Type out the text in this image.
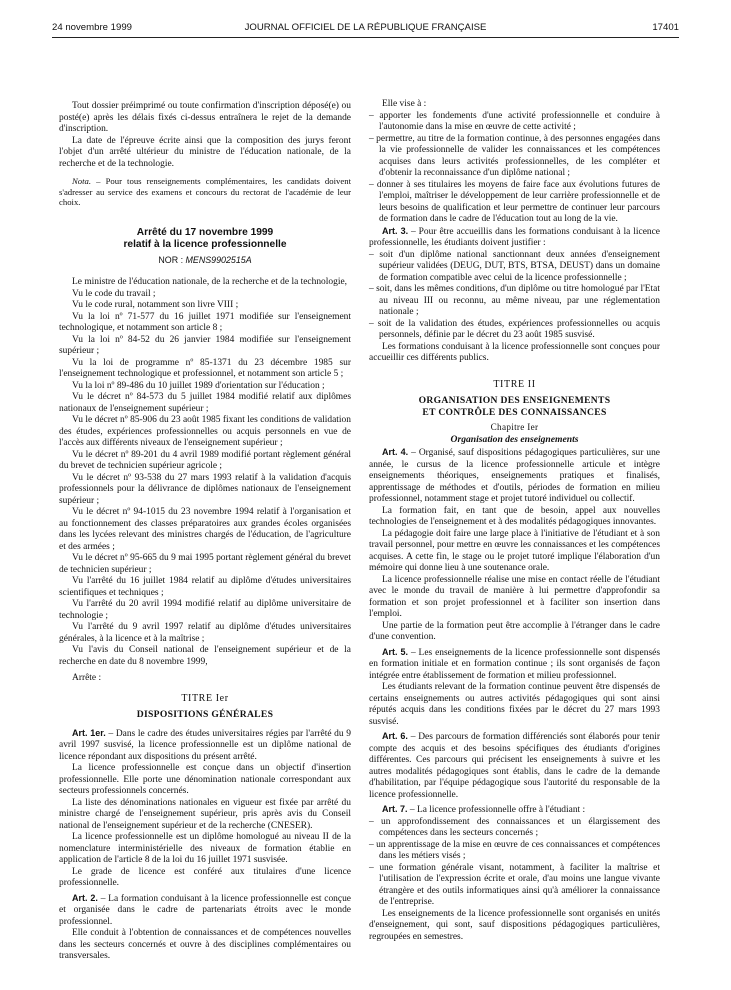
24 novembre 1999	JOURNAL OFFICIEL DE LA RÉPUBLIQUE FRANÇAISE	17401

Tout dossier préimprimé ou toute confirmation d'inscription déposé(e) ou posté(e) après les délais fixés ci-dessus entraînera le rejet de la demande d'inscription.

La date de l'épreuve écrite ainsi que la composition des jurys feront l'objet d'un arrêté ultérieur du ministre de l'éducation nationale, de la recherche et de la technologie.

Nota. – Pour tous renseignements complémentaires, les candidats doivent s'adresser au service des examens et concours du rectorat de l'académie de leur choix.

Arrêté du 17 novembre 1999
relatif à la licence professionnelle
NOR : MENS9902515A

Le ministre de l'éducation nationale, de la recherche et de la technologie,

Vu le code du travail ;

Vu le code rural, notamment son livre VIII ;

Vu la loi nº 71-577 du 16 juillet 1971 modifiée sur l'enseignement technologique, et notamment son article 8 ;

Vu la loi nº 84-52 du 26 janvier 1984 modifiée sur l'enseignement supérieur ;

Vu la loi de programme nº 85-1371 du 23 décembre 1985 sur l'enseignement technologique et professionnel, et notamment son article 5 ;

Vu la loi nº 89-486 du 10 juillet 1989 d'orientation sur l'éducation ;

Vu le décret nº 84-573 du 5 juillet 1984 modifié relatif aux diplômes nationaux de l'enseignement supérieur ;

Vu le décret nº 85-906 du 23 août 1985 fixant les conditions de validation des études, expériences professionnelles ou acquis personnels en vue de l'accès aux différents niveaux de l'enseignement supérieur ;

Vu le décret nº 89-201 du 4 avril 1989 modifié portant règlement général du brevet de technicien supérieur agricole ;

Vu le décret nº 93-538 du 27 mars 1993 relatif à la validation d'acquis professionnels pour la délivrance de diplômes nationaux de l'enseignement supérieur ;

Vu le décret nº 94-1015 du 23 novembre 1994 relatif à l'organisation et au fonctionnement des classes préparatoires aux grandes écoles organisées dans les lycées relevant des ministres chargés de l'éducation, de l'agriculture et des armées ;

Vu le décret nº 95-665 du 9 mai 1995 portant règlement général du brevet de technicien supérieur ;

Vu l'arrêté du 16 juillet 1984 relatif au diplôme d'études universitaires scientifiques et techniques ;

Vu l'arrêté du 20 avril 1994 modifié relatif au diplôme universitaire de technologie ;

Vu l'arrêté du 9 avril 1997 relatif au diplôme d'études universitaires générales, à la licence et à la maîtrise ;

Vu l'avis du Conseil national de l'enseignement supérieur et de la recherche en date du 8 novembre 1999,

Arrête :

TITRE Ier
DISPOSITIONS GÉNÉRALES

Art. 1er. – Dans le cadre des études universitaires régies par l'arrêté du 9 avril 1997 susvisé, la licence professionnelle est un diplôme national de licence répondant aux dispositions du présent arrêté.

La licence professionnelle est conçue dans un objectif d'insertion professionnelle. Elle porte une dénomination nationale correspondant aux secteurs professionnels concernés.

La liste des dénominations nationales en vigueur est fixée par arrêté du ministre chargé de l'enseignement supérieur, pris après avis du Conseil national de l'enseignement supérieur et de la recherche (CNESER).

La licence professionnelle est un diplôme homologué au niveau II de la nomenclature interministérielle des niveaux de formation établie en application de l'article 8 de la loi du 16 juillet 1971 susvisée.

Le grade de licence est conféré aux titulaires d'une licence professionnelle.

Art. 2. – La formation conduisant à la licence professionnelle est conçue et organisée dans le cadre de partenariats étroits avec le monde professionnel.

Elle conduit à l'obtention de connaissances et de compétences nouvelles dans les secteurs concernés et ouvre à des disciplines complémentaires ou transversales.

Elle vise à :

– apporter les fondements d'une activité professionnelle et conduire à l'autonomie dans la mise en œuvre de cette activité ;
– permettre, au titre de la formation continue, à des personnes engagées dans la vie professionnelle de valider les connaissances et les compétences acquises dans leurs activités professionnelles, de les compléter et d'obtenir la reconnaissance d'un diplôme national ;
– donner à ses titulaires les moyens de faire face aux évolutions futures de l'emploi, maîtriser le développement de leur carrière professionnelle et de leurs besoins de qualification et leur permettre de continuer leur parcours de formation dans le cadre de l'éducation tout au long de la vie.

Art. 3. – Pour être accueillis dans les formations conduisant à la licence professionnelle, les étudiants doivent justifier :

– soit d'un diplôme national sanctionnant deux années d'enseignement supérieur validées (DEUG, DUT, BTS, BTSA, DEUST) dans un domaine de formation compatible avec celui de la licence professionnelle ;
– soit, dans les mêmes conditions, d'un diplôme ou titre homologué par l'Etat au niveau III ou reconnu, au même niveau, par une réglementation nationale ;
– soit de la validation des études, expériences professionnelles ou acquis personnels, définie par le décret du 23 août 1985 susvisé.

Les formations conduisant à la licence professionnelle sont conçues pour accueillir ces différents publics.

TITRE II
ORGANISATION DES ENSEIGNEMENTS
ET CONTRÔLE DES CONNAISSANCES
Chapitre Ier
Organisation des enseignements

Art. 4. – Organisé, sauf dispositions pédagogiques particulières, sur une année, le cursus de la licence professionnelle articule et intègre enseignements théoriques, enseignements pratiques et finalisés, apprentissage de méthodes et d'outils, périodes de formation en milieu professionnel, notamment stage et projet tutoré individuel ou collectif.

La formation fait, en tant que de besoin, appel aux nouvelles technologies de l'enseignement et à des modalités pédagogiques innovantes.

La pédagogie doit faire une large place à l'initiative de l'étudiant et à son travail personnel, pour mettre en œuvre les connaissances et les compétences acquises. A cette fin, le stage ou le projet tutoré implique l'élaboration d'un mémoire qui donne lieu à une soutenance orale.

La licence professionnelle réalise une mise en contact réelle de l'étudiant avec le monde du travail de manière à lui permettre d'approfondir sa formation et son projet professionnel et à faciliter son insertion dans l'emploi.

Une partie de la formation peut être accomplie à l'étranger dans le cadre d'une convention.

Art. 5. – Les enseignements de la licence professionnelle sont dispensés en formation initiale et en formation continue ; ils sont organisés de façon intégrée entre établissement de formation et milieu professionnel.

Les étudiants relevant de la formation continue peuvent être dispensés de certains enseignements ou autres activités pédagogiques qui sont ainsi réputés acquis dans les conditions fixées par le décret du 27 mars 1993 susvisé.

Art. 6. – Des parcours de formation différenciés sont élaborés pour tenir compte des acquis et des besoins spécifiques des étudiants d'origines différentes. Ces parcours qui précisent les enseignements à suivre et les autres modalités pédagogiques sont établis, dans le cadre de la demande d'habilitation, par l'équipe pédagogique sous l'autorité du responsable de la licence professionnelle.

Art. 7. – La licence professionnelle offre à l'étudiant :

– un approfondissement des connaissances et un élargissement des compétences dans les secteurs concernés ;
– un apprentissage de la mise en œuvre de ces connaissances et compétences dans les métiers visés ;
– une formation générale visant, notamment, à faciliter la maîtrise et l'utilisation de l'expression écrite et orale, d'au moins une langue vivante étrangère et des outils informatiques ainsi qu'à améliorer la connaissance de l'entreprise.

Les enseignements de la licence professionnelle sont organisés en unités d'enseignement, qui sont, sauf dispositions pédagogiques particulières, regroupées en semestres.
